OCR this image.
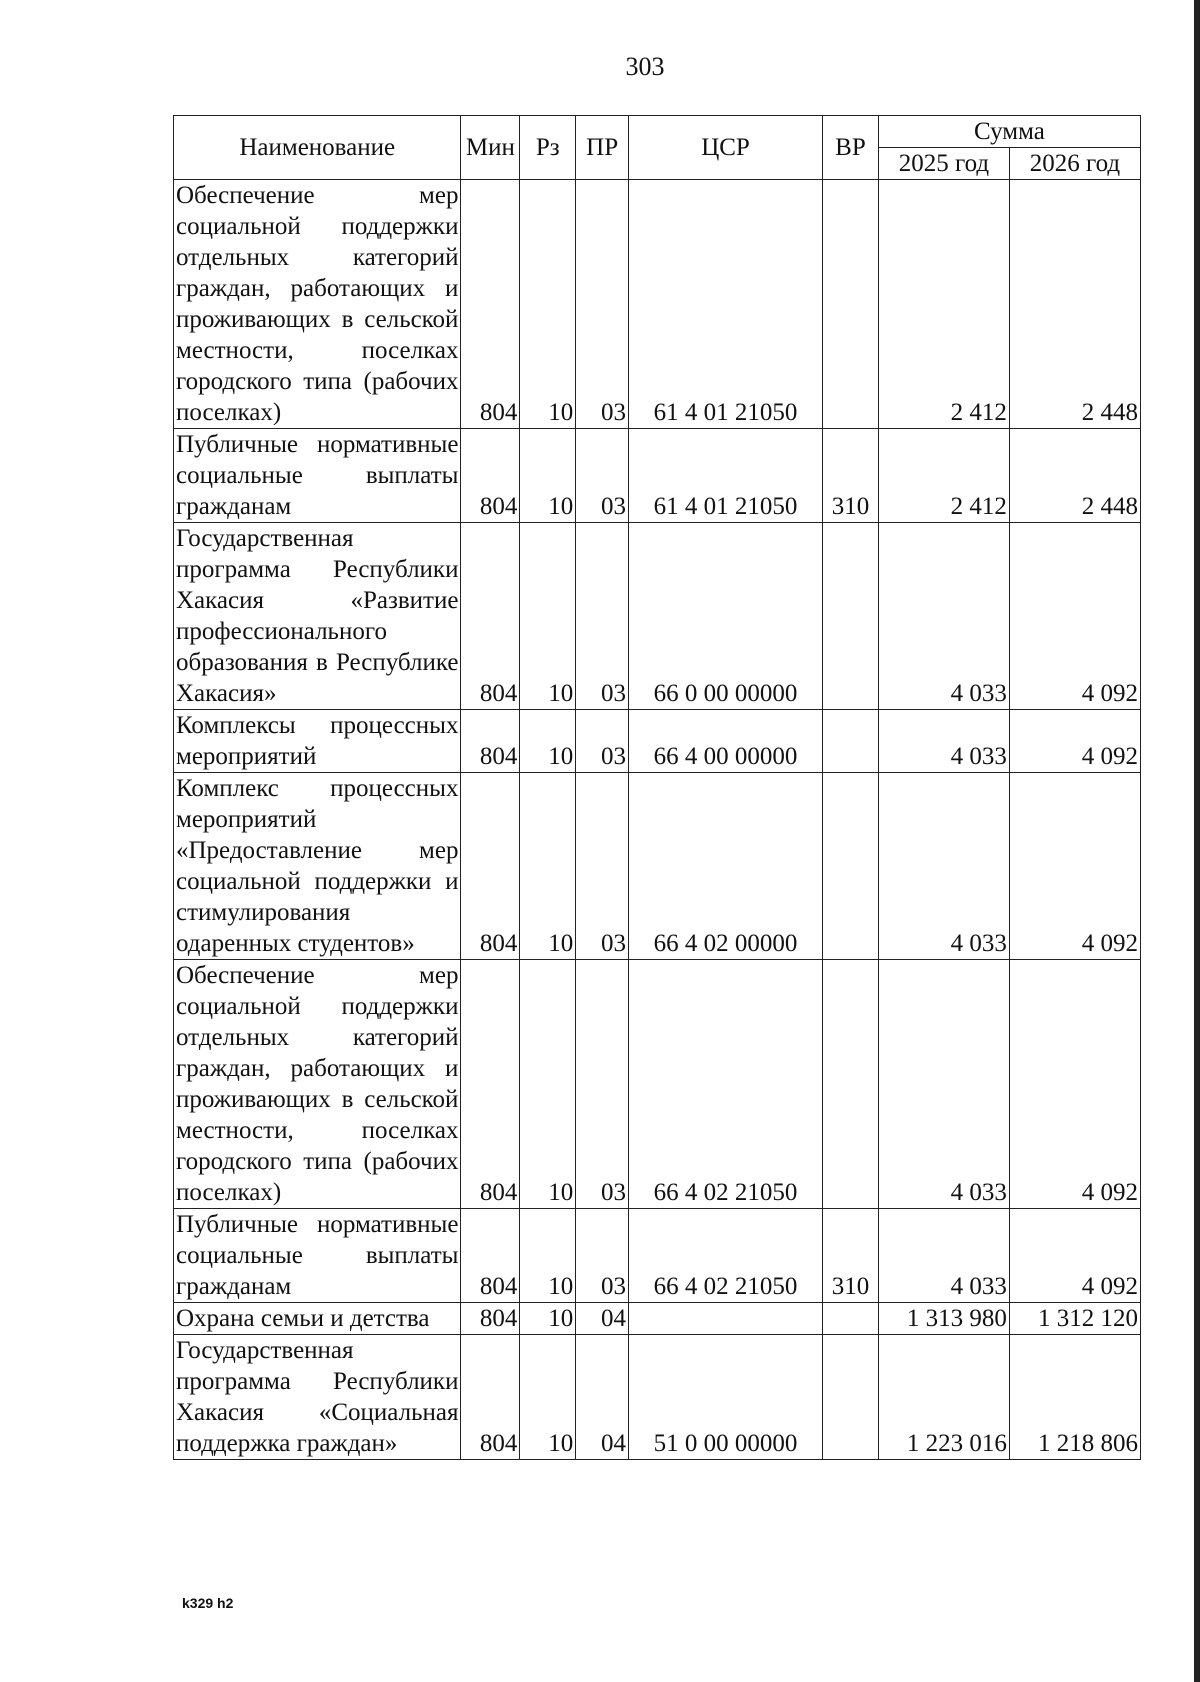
303
Наименование	Мин	Рз	ПР	ЦСР	ВР	Сумма	
						2025 год	2026 год
Обеспечение мер социальной поддержки отдельных категорий граждан, работающих и проживающих в сельской местности, поселках городского типа (рабочих поселках)	804	10	03	61 4 01 21050		2 412	2 448
Публичные нормативные социальные выплаты гражданам	804	10	03	61 4 01 21050	310	2 412	2 448
Государственная программа Республики Хакасия «Развитие профессионального образования в Республике Хакасия»	804	10	03	66 0 00 00000		4 033	4 092
Комплексы процессных мероприятий	804	10	03	66 4 00 00000		4 033	4 092
Комплекс процессных мероприятий «Предоставление мер социальной поддержки и стимулирования одаренных студентов»	804	10	03	66 4 02 00000		4 033	4 092
Обеспечение мер социальной поддержки отдельных категорий граждан, работающих и проживающих в сельской местности, поселках городского типа (рабочих поселках)	804	10	03	66 4 02 21050		4 033	4 092
Публичные нормативные социальные выплаты гражданам	804	10	03	66 4 02 21050	310	4 033	4 092
Охрана семьи и детства	804	10	04			1 313 980	1 312 120
Государственная программа Республики Хакасия «Социальная поддержка граждан»	804	10	04	51 0 00 00000		1 223 016	1 218 806
k329 h2
